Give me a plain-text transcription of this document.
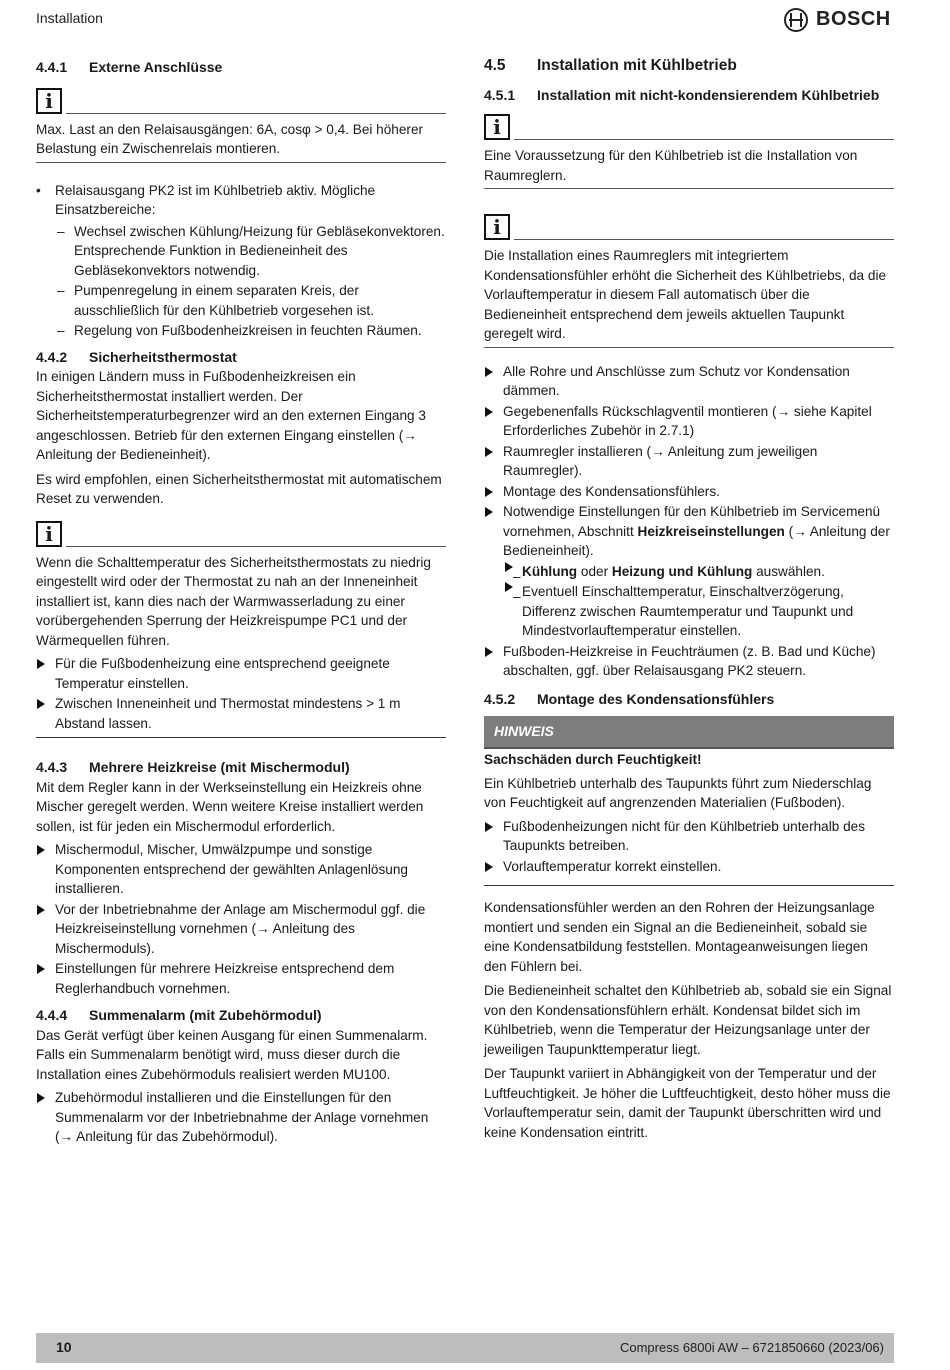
Installation	BOSCH
4.4.1	Externe Anschlüsse
i

Max. Last an den Relaisausgängen: 6A, cosφ > 0,4. Bei höherer Belastung ein Zwischenrelais montieren.

• Relaisausgang PK2 ist im Kühlbetrieb aktiv. Mögliche Einsatzbereiche:
– Wechsel zwischen Kühlung/Heizung für Gebläsekonvektoren. Entsprechende Funktion in Bedieneinheit des Gebläsekonvektors notwendig.
– Pumpenregelung in einem separaten Kreis, der ausschließlich für den Kühlbetrieb vorgesehen ist.
– Regelung von Fußbodenheizkreisen in feuchten Räumen.
4.4.2	Sicherheitsthermostat

In einigen Ländern muss in Fußbodenheizkreisen ein Sicherheitsthermostat installiert werden. Der Sicherheitstemperaturbegrenzer wird an den externen Eingang 3 angeschlossen. Betrieb für den externen Eingang einstellen (→ Anleitung der Bedieneinheit).

Es wird empfohlen, einen Sicherheitsthermostat mit automatischem Reset zu verwenden.

i

Wenn die Schalttemperatur des Sicherheitsthermostats zu niedrig eingestellt wird oder der Thermostat zu nah an der Inneneinheit installiert ist, kann dies nach der Warmwasserladung zu einer vorübergehenden Sperrung der Heizkreispumpe PC1 und der Wärmequellen führen.

Für die Fußbodenheizung eine entsprechend geeignete Temperatur einstellen.
Zwischen Inneneinheit und Thermostat mindestens > 1 m Abstand lassen.
4.4.3	Mehrere Heizkreise (mit Mischermodul)

Mit dem Regler kann in der Werkseinstellung ein Heizkreis ohne Mischer geregelt werden. Wenn weitere Kreise installiert werden sollen, ist für jeden ein Mischermodul erforderlich.

Mischermodul, Mischer, Umwälzpumpe und sonstige Komponenten entsprechend der gewählten Anlagenlösung installieren.
Vor der Inbetriebnahme der Anlage am Mischermodul ggf. die Heizkreiseinstellung vornehmen (→ Anleitung des Mischermoduls).
Einstellungen für mehrere Heizkreise entsprechend dem Reglerhandbuch vornehmen.
4.4.4	Summenalarm (mit Zubehörmodul)

Das Gerät verfügt über keinen Ausgang für einen Summenalarm. Falls ein Summenalarm benötigt wird, muss dieser durch die Installation eines Zubehörmoduls realisiert werden MU100.

Zubehörmodul installieren und die Einstellungen für den Summenalarm vor der Inbetriebnahme der Anlage vornehmen (→ Anleitung für das Zubehörmodul).
4.5	Installation mit Kühlbetrieb
4.5.1	Installation mit nicht-kondensierendem Kühlbetrieb
i

Eine Voraussetzung für den Kühlbetrieb ist die Installation von Raumreglern.

i

Die Installation eines Raumreglers mit integriertem Kondensationsfühler erhöht die Sicherheit des Kühlbetriebs, da die Vorlauftemperatur in diesem Fall automatisch über die Bedieneinheit entsprechend dem jeweils aktuellen Taupunkt geregelt wird.

Alle Rohre und Anschlüsse zum Schutz vor Kondensation dämmen.
Gegebenenfalls Rückschlagventil montieren (→ siehe Kapitel Erforderliches Zubehör in 2.7.1)
Raumregler installieren (→ Anleitung zum jeweiligen Raumregler).
Montage des Kondensationsfühlers.
Notwendige Einstellungen für den Kühlbetrieb im Servicemenü vornehmen, Abschnitt Heizkreiseinstellungen (→ Anleitung der Bedieneinheit).
– Kühlung oder Heizung und Kühlung auswählen.
– Eventuell Einschalttemperatur, Einschaltverzögerung, Differenz zwischen Raumtemperatur und Taupunkt und Mindestvorlauftemperatur einstellen.
Fußboden-Heizkreise in Feuchträumen (z. B. Bad und Küche) abschalten, ggf. über Relaisausgang PK2 steuern.
4.5.2	Montage des Kondensationsfühlers
HINWEIS

Sachschäden durch Feuchtigkeit!

Ein Kühlbetrieb unterhalb des Taupunkts führt zum Niederschlag von Feuchtigkeit auf angrenzenden Materialien (Fußboden).

Fußbodenheizungen nicht für den Kühlbetrieb unterhalb des Taupunkts betreiben.
Vorlauftemperatur korrekt einstellen.

Kondensationsfühler werden an den Rohren der Heizungsanlage montiert und senden ein Signal an die Bedieneinheit, sobald sie eine Kondensatbildung feststellen. Montageanweisungen liegen den Fühlern bei.

Die Bedieneinheit schaltet den Kühlbetrieb ab, sobald sie ein Signal von den Kondensationsfühlern erhält. Kondensat bildet sich im Kühlbetrieb, wenn die Temperatur der Heizungsanlage unter der jeweiligen Taupunkttemperatur liegt.

Der Taupunkt variiert in Abhängigkeit von der Temperatur und der Luftfeuchtigkeit. Je höher die Luftfeuchtigkeit, desto höher muss die Vorlauftemperatur sein, damit der Taupunkt überschritten wird und keine Kondensation eintritt.

10	Compress 6800i AW – 6721850660 (2023/06)
